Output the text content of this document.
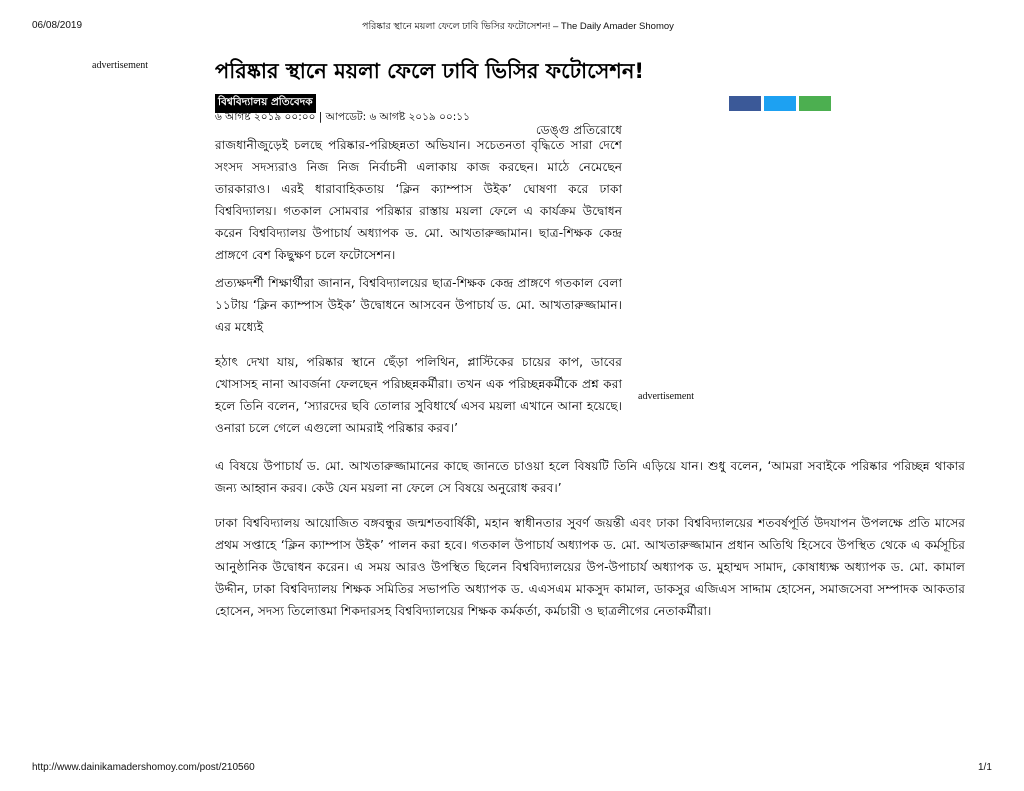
06/08/2019	পরিষ্কার স্থানে ময়লা ফেলে ঢাবি ভিসির ফটোসেশন! – The Daily Amader Shomoy
advertisement	পরিষ্কার স্থানে ময়লা ফেলে ঢাবি ভিসির ফটোসেশন!
বিশ্ববিদ্যালয় প্রতিবেদক
৬ আগষ্ট ২০১৯ ০০:০০ | আপডেট: ৬ আগষ্ট ২০১৯ ০০:১১
ডেঙ্গু প্রতিরোধে
রাজধানীজুড়েই চলছে পরিষ্কার-পরিচ্ছন্নতা অভিযান। সচেতনতা বৃদ্ধিতে সারা দেশে সংসদ সদস্যরাও নিজ নিজ নির্বাচনী এলাকায় কাজ করছেন। মাঠে নেমেছেন তারকারাও। এরই ধারাবাহিকতায় ‘ক্লিন ক্যাম্পাস উইক’ ঘোষণা করে ঢাকা বিশ্ববিদ্যালয়। গতকাল সোমবার পরিষ্কার রাস্তায় ময়লা ফেলে এ কার্যক্রম উদ্বোধন করেন বিশ্ববিদ্যালয় উপাচার্য অধ্যাপক ড. মো. আখতারুজ্জামান। ছাত্র-শিক্ষক কেন্দ্র প্রাঙ্গণে বেশ কিছুক্ষণ চলে ফটোসেশন।
প্রত্যক্ষদর্শী শিক্ষার্থীরা জানান, বিশ্ববিদ্যালয়ের ছাত্র-শিক্ষক কেন্দ্র প্রাঙ্গণে গতকাল বেলা ১১টায় ‘ক্লিন ক্যাম্পাস উইক’ উদ্বোধনে আসবেন উপাচার্য ড. মো. আখতারুজ্জামান। এর মধ্যেই
হঠাৎ দেখা যায়, পরিষ্কার স্থানে ছেঁড়া পলিথিন, প্লাস্টিকের চায়ের কাপ, ডাবের খোসাসহ নানা আবর্জনা ফেলছেন পরিচ্ছন্নকর্মীরা। তখন এক পরিচ্ছন্নকর্মীকে প্রশ্ন করা হলে তিনি বলেন, ‘স্যারদের ছবি তোলার সুবিধার্থে এসব ময়লা এখানে আনা হয়েছে। ওনারা চলে গেলে এগুলো আমরাই পরিষ্কার করব।’
advertisement
এ বিষয়ে উপাচার্য ড. মো. আখতারুজ্জামানের কাছে জানতে চাওয়া হলে বিষয়টি তিনি এড়িয়ে যান। শুধু বলেন, ‘আমরা সবাইকে পরিষ্কার পরিচ্ছন্ন থাকার জন্য আহ্বান করব। কেউ যেন ময়লা না ফেলে সে বিষয়ে অনুরোধ করব।’
ঢাকা বিশ্ববিদ্যালয় আয়োজিত বঙ্গবন্ধুর জন্মশতবার্ষিকী, মহান স্বাধীনতার সুবর্ণ জয়ন্তী এবং ঢাকা বিশ্ববিদ্যালয়ের শতবর্ষপূর্তি উদযাপন উপলক্ষে প্রতি মাসের প্রথম সপ্তাহে ‘ক্লিন ক্যাম্পাস উইক’ পালন করা হবে। গতকাল উপাচার্য অধ্যাপক ড. মো. আখতারুজ্জামান প্রধান অতিথি হিসেবে উপস্থিত থেকে এ কর্মসূচির আনুষ্ঠানিক উদ্বোধন করেন। এ সময় আরও উপস্থিত ছিলেন বিশ্ববিদ্যালয়ের উপ-উপাচার্য অধ্যাপক ড. মুহাম্মদ সামাদ, কোষাধ্যক্ষ অধ্যাপক ড. মো. কামাল উদ্দীন, ঢাকা বিশ্ববিদ্যালয় শিক্ষক সমিতির সভাপতি অধ্যাপক ড. এএসএম মাকসুদ কামাল, ডাকসুর এজিএস সাদ্দাম হোসেন, সমাজসেবা সম্পাদক আকতার হোসেন, সদস্য তিলোত্তমা শিকদারসহ বিশ্ববিদ্যালয়ের শিক্ষক কর্মকর্তা, কর্মচারী ও ছাত্রলীগের নেতাকর্মীরা।
http://www.dainikamadershomoy.com/post/210560	1/1
